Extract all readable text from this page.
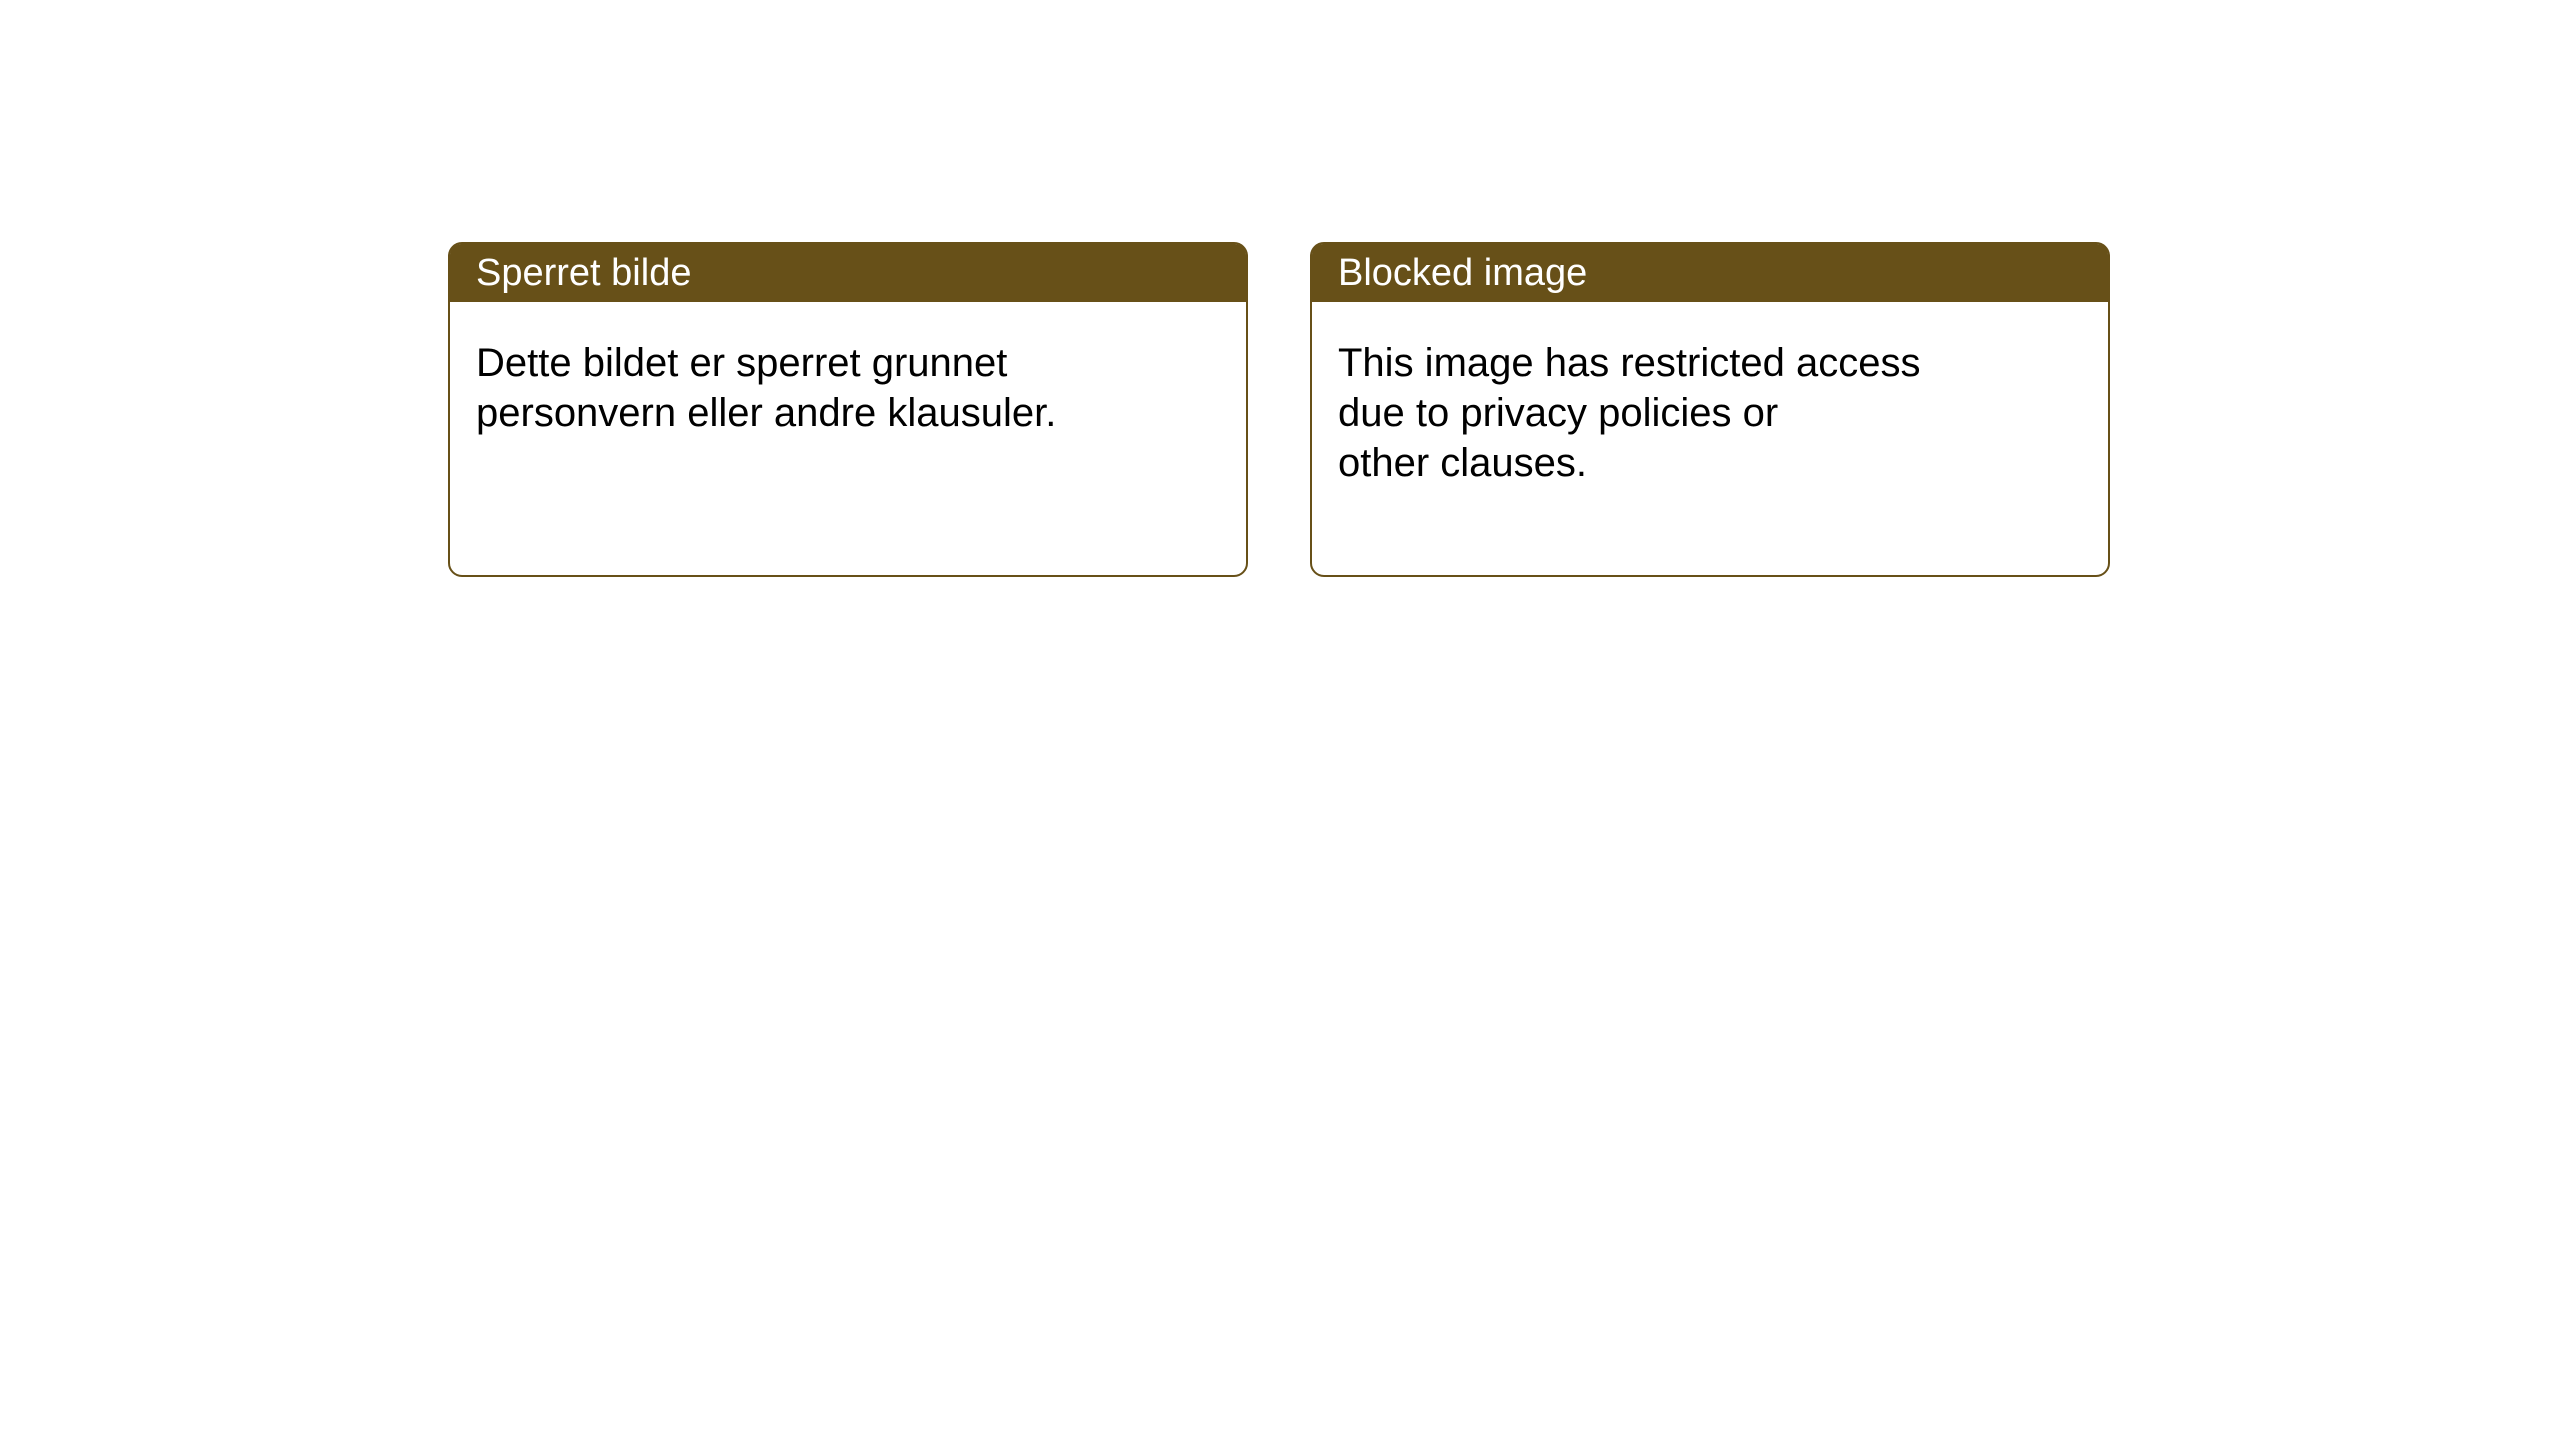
Sperret bilde
Dette bildet er sperret grunnet
personvern eller andre klausuler.
Blocked image
This image has restricted access
due to privacy policies or
other clauses.
